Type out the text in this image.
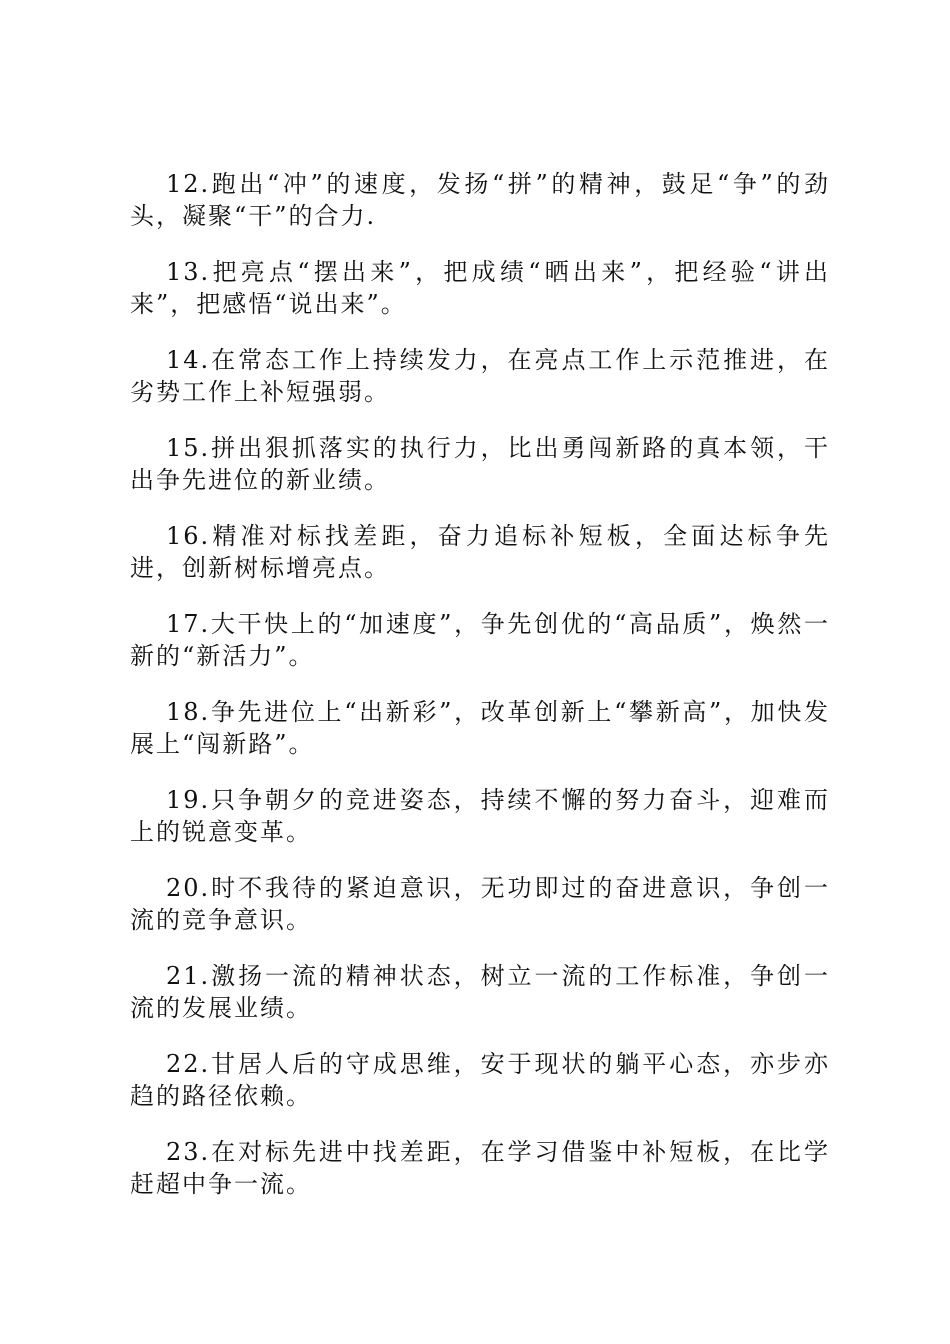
12.跑出“冲”的速度，发扬“拼”的精神，鼓足“争”的劲头，凝聚“干”的合力.

13.把亮点“摆出来”，把成绩“晒出来”，把经验“讲出来”，把感悟“说出来”。

14.在常态工作上持续发力，在亮点工作上示范推进，在劣势工作上补短强弱。

15.拼出狠抓落实的执行力，比出勇闯新路的真本领，干出争先进位的新业绩。

16.精准对标找差距，奋力追标补短板，全面达标争先进，创新树标增亮点。

17.大干快上的“加速度”，争先创优的“高品质”，焕然一新的“新活力”。

18.争先进位上“出新彩”，改革创新上“攀新高”，加快发展上“闯新路”。

19.只争朝夕的竞进姿态，持续不懈的努力奋斗，迎难而上的锐意变革。

20.时不我待的紧迫意识，无功即过的奋进意识，争创一流的竞争意识。

21.激扬一流的精神状态，树立一流的工作标准，争创一流的发展业绩。

22.甘居人后的守成思维，安于现状的躺平心态，亦步亦趋的路径依赖。

23.在对标先进中找差距，在学习借鉴中补短板，在比学赶超中争一流。
